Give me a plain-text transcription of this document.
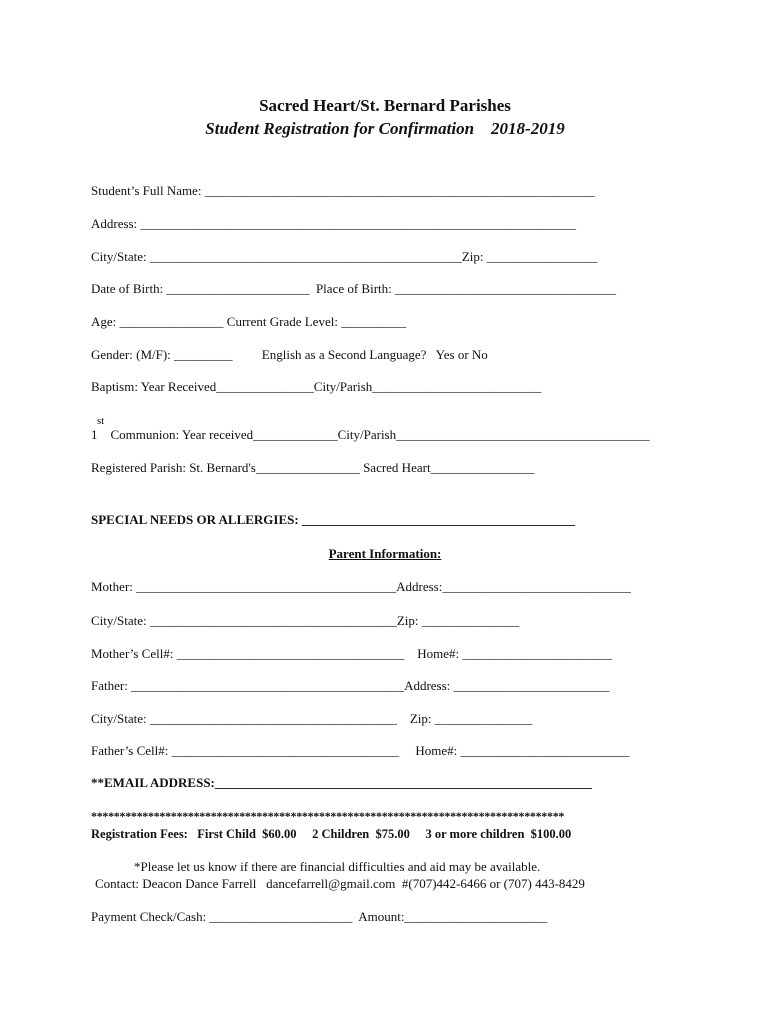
Sacred Heart/St. Bernard Parishes
Student Registration for Confirmation    2018-2019
Student’s Full Name: ____________________________________________________________
Address: ___________________________________________________________________
City/State: ________________________________________________Zip: _________________
Date of Birth: ______________________  Place of Birth: __________________________________
Age: ________________ Current Grade Level: __________
Gender: (M/F): _________         English as a Second Language?   Yes or No
Baptism: Year Received_______________City/Parish__________________________
st
1    Communion: Year received_____________City/Parish_______________________________________
Registered Parish: St. Bernard's________________ Sacred Heart________________
SPECIAL NEEDS OR ALLERGIES: __________________________________________
Parent Information:
Mother: ________________________________________Address:_____________________________
City/State: ______________________________________Zip: _______________
Mother’s Cell#: ___________________________________    Home#: _______________________
Father: __________________________________________Address: ________________________
City/State: ______________________________________    Zip: _______________
Father’s Cell#: ___________________________________     Home#: __________________________
**EMAIL ADDRESS:__________________________________________________________
***********************************************************************************
Registration Fees:   First Child  $60.00     2 Children  $75.00     3 or more children  $100.00
*Please let us know if there are financial difficulties and aid may be available.
Contact: Deacon Dance Farrell   dancefarrell@gmail.com  #(707)442-6466 or (707) 443-8429
Payment Check/Cash: ______________________  Amount:______________________
